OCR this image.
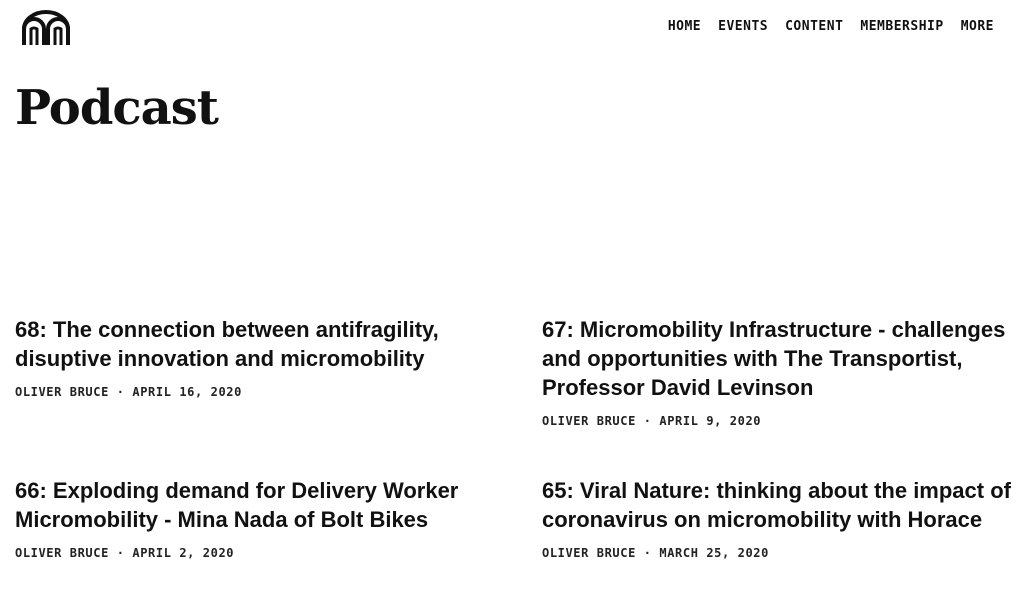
HOME EVENTS CONTENT MEMBERSHIP MORE
Podcast
68: The connection between antifragility, disuptive innovation and micromobility
OLIVER BRUCE · APRIL 16, 2020
67: Micromobility Infrastructure - challenges and opportunities with The Transportist, Professor David Levinson
OLIVER BRUCE · APRIL 9, 2020
66: Exploding demand for Delivery Worker Micromobility - Mina Nada of Bolt Bikes
OLIVER BRUCE · APRIL 2, 2020
65: Viral Nature: thinking about the impact of coronavirus on micromobility with Horace
OLIVER BRUCE · MARCH 25, 2020
